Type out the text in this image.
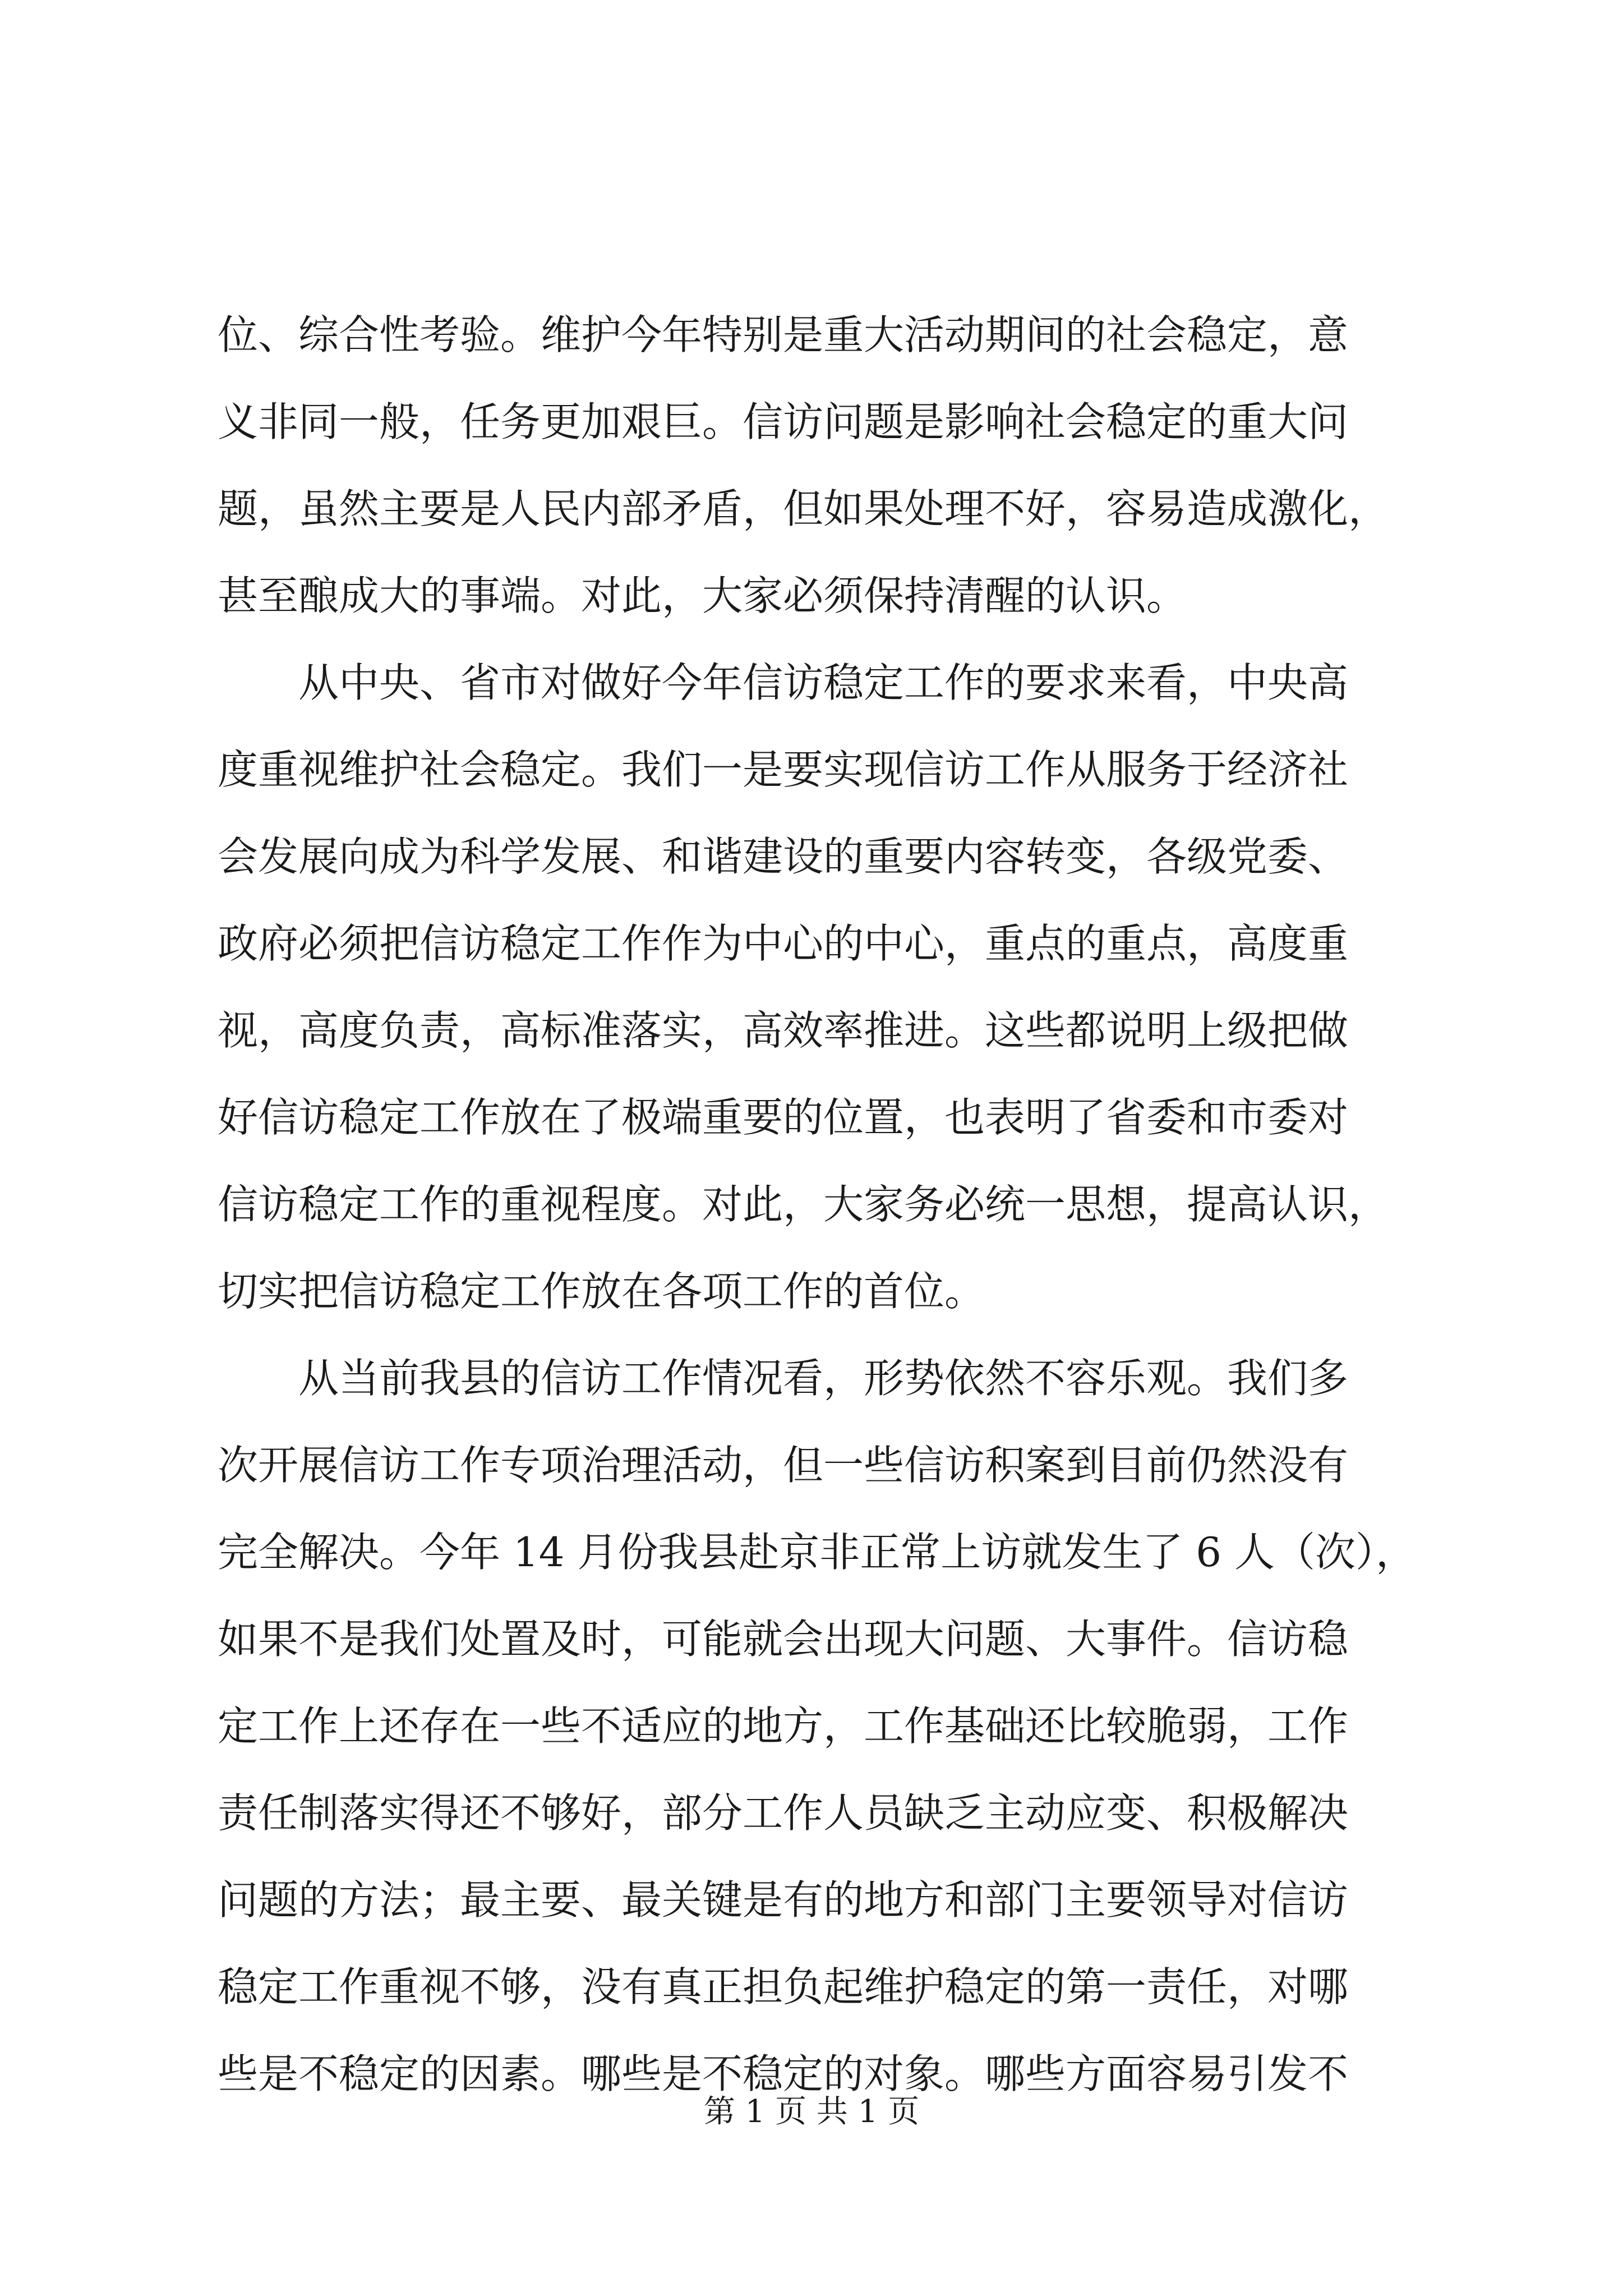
位、综合性考验。维护今年特别是重大活动期间的社会稳定，意
义非同一般，任务更加艰巨。信访问题是影响社会稳定的重大问
题，虽然主要是人民内部矛盾，但如果处理不好，容易造成激化，
甚至酿成大的事端。对此，大家必须保持清醒的认识。
　　从中央、省市对做好今年信访稳定工作的要求来看，中央高
度重视维护社会稳定。我们一是要实现信访工作从服务于经济社
会发展向成为科学发展、和谐建设的重要内容转变，各级党委、
政府必须把信访稳定工作作为中心的中心，重点的重点，高度重
视，高度负责，高标准落实，高效率推进。这些都说明上级把做
好信访稳定工作放在了极端重要的位置，也表明了省委和市委对
信访稳定工作的重视程度。对此，大家务必统一思想，提高认识，
切实把信访稳定工作放在各项工作的首位。
　　从当前我县的信访工作情况看，形势依然不容乐观。我们多
次开展信访工作专项治理活动，但一些信访积案到目前仍然没有
完全解决。今年 14 月份我县赴京非正常上访就发生了 6 人（次），
如果不是我们处置及时，可能就会出现大问题、大事件。信访稳
定工作上还存在一些不适应的地方，工作基础还比较脆弱，工作
责任制落实得还不够好，部分工作人员缺乏主动应变、积极解决
问题的方法；最主要、最关键是有的地方和部门主要领导对信访
稳定工作重视不够，没有真正担负起维护稳定的第一责任，对哪
些是不稳定的因素。哪些是不稳定的对象。哪些方面容易引发不
第 1 页 共 1 页
